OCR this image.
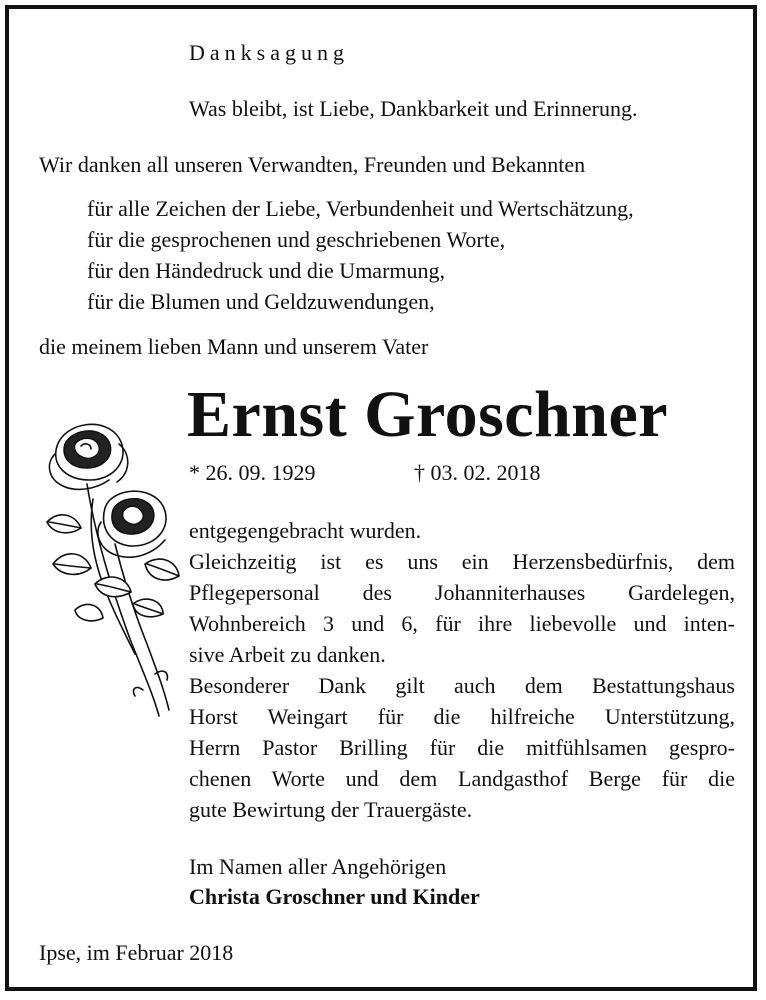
Danksagung
Was bleibt, ist Liebe, Dankbarkeit und Erinnerung.
Wir danken all unseren Verwandten, Freunden und Bekannten
für alle Zeichen der Liebe, Verbundenheit und Wertschätzung,
für die gesprochenen und geschriebenen Worte,
für den Händedruck und die Umarmung,
für die Blumen und Geldzuwendungen,
die meinem lieben Mann und unserem Vater
Ernst Groschner
* 26. 09. 1929	† 03. 02. 2018
entgegengebracht wurden.
Gleichzeitig ist es uns ein Herzensbedürfnis, dem
Pflegepersonal des Johanniterhauses Gardelegen,
Wohnbereich 3 und 6, für ihre liebevolle und inten-
sive Arbeit zu danken.
Besonderer Dank gilt auch dem Bestattungshaus
Horst Weingart für die hilfreiche Unterstützung,
Herrn Pastor Brilling für die mitfühlsamen gespro-
chenen Worte und dem Landgasthof Berge für die
gute Bewirtung der Trauergäste.
Im Namen aller Angehörigen
Christa Groschner und Kinder
Ipse, im Februar 2018
